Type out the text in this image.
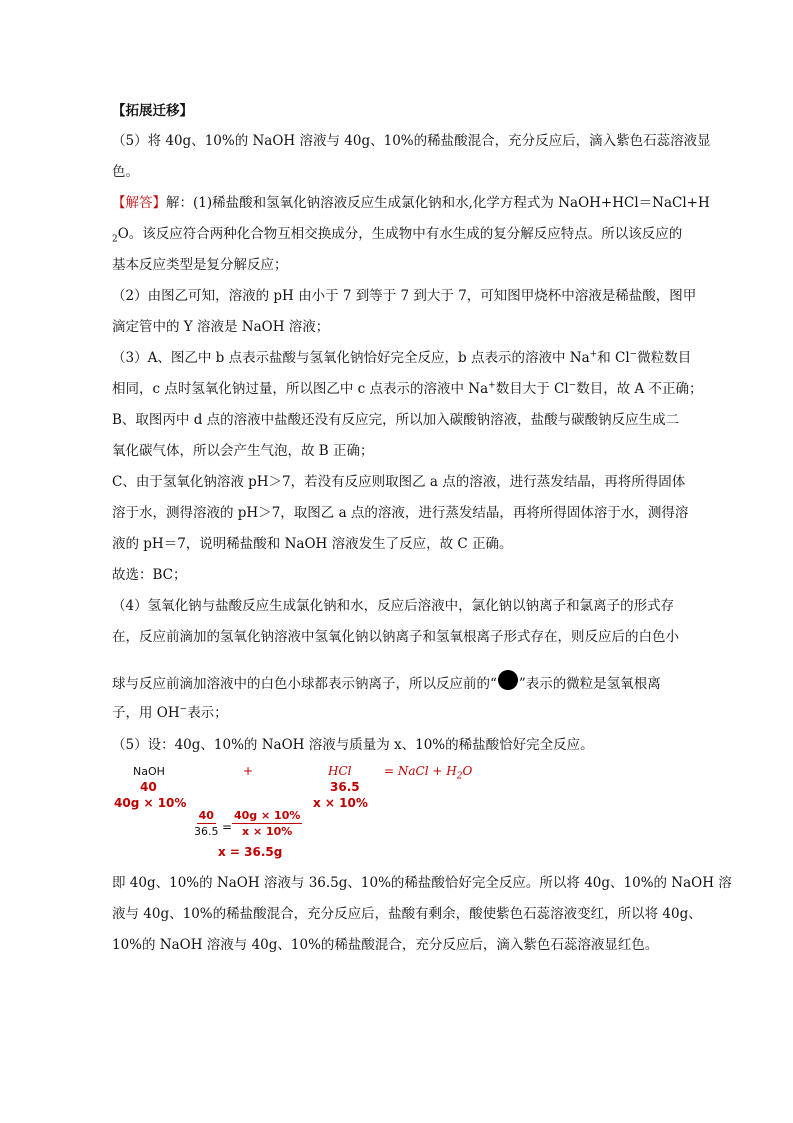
【拓展迁移】
（5）将 40g、10%的 NaOH 溶液与 40g、10%的稀盐酸混合，充分反应后，滴入紫色石蕊溶液显
色。
【解答】解：(1)稀盐酸和氢氧化钠溶液反应生成氯化钠和水,化学方程式为 NaOH+HCl＝NaCl+H
$_2$O。该反应符合两种化合物互相交换成分，生成物中有水生成的复分解反应特点。所以该反应的
基本反应类型是复分解反应；
（2）由图乙可知，溶液的 pH 由小于 7 到等于 7 到大于 7，可知图甲烧杯中溶液是稀盐酸，图甲
滴定管中的 Y 溶液是 NaOH 溶液；
（3）A、图乙中 b 点表示盐酸与氢氧化钠恰好完全反应，b 点表示的溶液中 Na+和 Cl−微粒数目
相同，c 点时氢氧化钠过量，所以图乙中 c 点表示的溶液中 Na+数目大于 Cl−数目，故 A 不正确；
B、取图丙中 d 点的溶液中盐酸还没有反应完，所以加入碳酸钠溶液，盐酸与碳酸钠反应生成二
氧化碳气体，所以会产生气泡，故 B 正确；
C、由于氢氧化钠溶液 pH＞7，若没有反应则取图乙 a 点的溶液，进行蒸发结晶，再将所得固体
溶于水，测得溶液的 pH＞7，取图乙 a 点的溶液，进行蒸发结晶，再将所得固体溶于水，测得溶
液的 pH＝7，说明稀盐酸和 NaOH 溶液发生了反应，故 C 正确。
故选：BC；
（4）氢氧化钠与盐酸反应生成氯化钠和水，反应后溶液中，氯化钠以钠离子和氯离子的形式存
在，反应前滴加的氢氧化钠溶液中氢氧化钠以钠离子和氢氧根离子形式存在，则反应后的白色小
球与反应前滴加溶液中的白色小球都表示钠离子，所以反应前的“ ”表示的微粒是氢氧根离
子，用 OH−表示；
（5）设：40g、10%的 NaOH 溶液与质量为 x、10%的稀盐酸恰好完全反应。
NaOH	+	HCl	= NaCl + $H_2O$
40	36.5
40g × 10%	x × 10%
$\frac{40}{36.5} = \frac{40g \times 10\%}{x \times 10\%}$
x = 36.5g
即 40g、10%的 NaOH 溶液与 36.5g、10%的稀盐酸恰好完全反应。所以将 40g、10%的 NaOH 溶
液与 40g、10%的稀盐酸混合，充分反应后，盐酸有剩余，酸使紫色石蕊溶液变红，所以将 40g、
10%的 NaOH 溶液与 40g、10%的稀盐酸混合，充分反应后，滴入紫色石蕊溶液显红色。
